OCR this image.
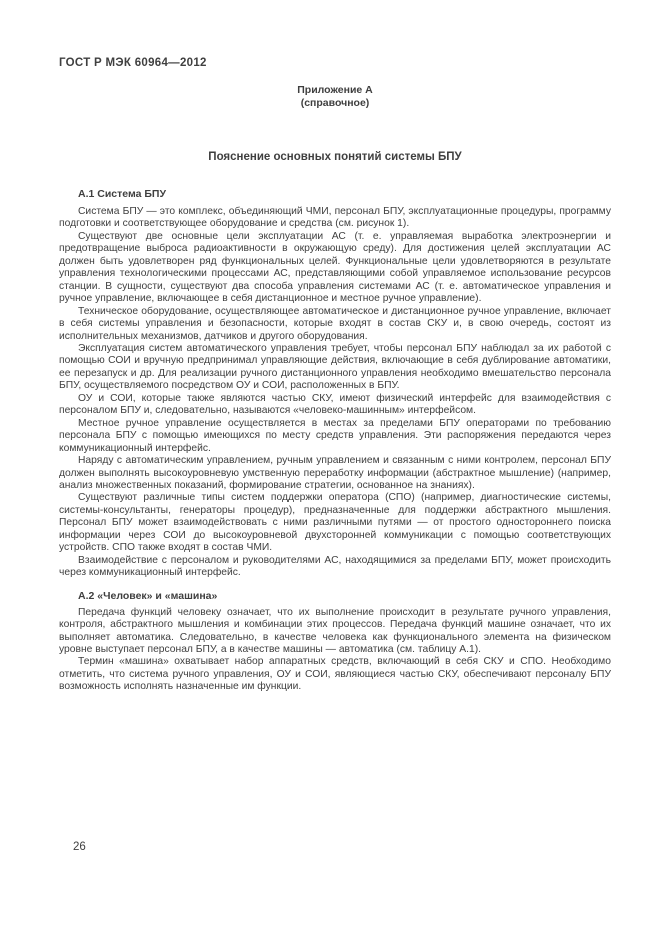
ГОСТ Р МЭК 60964—2012
Приложение А
(справочное)
Пояснение основных понятий системы БПУ
А.1 Система БПУ

Система БПУ — это комплекс, объединяющий ЧМИ, персонал БПУ, эксплуатационные процедуры, программу подготовки и соответствующее оборудование и средства (см. рисунок 1).

Существуют две основные цели эксплуатации АС (т. е. управляемая выработка электроэнергии и предотвращение выброса радиоактивности в окружающую среду). Для достижения целей эксплуатации АС должен быть удовлетворен ряд функциональных целей. Функциональные цели удовлетворяются в результате управления технологическими процессами АС, представляющими собой управляемое использование ресурсов станции. В сущности, существуют два способа управления системами АС (т. е. автоматическое управления и ручное управление, включающее в себя дистанционное и местное ручное управление).

Техническое оборудование, осуществляющее автоматическое и дистанционное ручное управление, включает в себя системы управления и безопасности, которые входят в состав СКУ и, в свою очередь, состоят из исполнительных механизмов, датчиков и другого оборудования.

Эксплуатация систем автоматического управления требует, чтобы персонал БПУ наблюдал за их работой с помощью СОИ и вручную предпринимал управляющие действия, включающие в себя дублирование автоматики, ее перезапуск и др. Для реализации ручного дистанционного управления необходимо вмешательство персонала БПУ, осуществляемого посредством ОУ и СОИ, расположенных в БПУ.

ОУ и СОИ, которые также являются частью СКУ, имеют физический интерфейс для взаимодействия с персоналом БПУ и, следовательно, называются «человеко-машинным» интерфейсом.

Местное ручное управление осуществляется в местах за пределами БПУ операторами по требованию персонала БПУ с помощью имеющихся по месту средств управления. Эти распоряжения передаются через коммуникационный интерфейс.

Наряду с автоматическим управлением, ручным управлением и связанным с ними контролем, персонал БПУ должен выполнять высокоуровневую умственную переработку информации (абстрактное мышление) (например, анализ множественных показаний, формирование стратегии, основанное на знаниях).

Существуют различные типы систем поддержки оператора (СПО) (например, диагностические системы, системы-консультанты, генераторы процедур), предназначенные для поддержки абстрактного мышления. Персонал БПУ может взаимодействовать с ними различными путями — от простого одностороннего поиска информации через СОИ до высокоуровневой двухсторонней коммуникации с помощью соответствующих устройств. СПО также входят в состав ЧМИ.

Взаимодействие с персоналом и руководителями АС, находящимися за пределами БПУ, может происходить через коммуникационный интерфейс.

А.2 «Человек» и «машина»

Передача функций человеку означает, что их выполнение происходит в результате ручного управления, контроля, абстрактного мышления и комбинации этих процессов. Передача функций машине означает, что их выполняет автоматика. Следовательно, в качестве человека как функционального элемента на физическом уровне выступает персонал БПУ, а в качестве машины — автоматика (см. таблицу А.1).

Термин «машина» охватывает набор аппаратных средств, включающий в себя СКУ и СПО. Необходимо отметить, что система ручного управления, ОУ и СОИ, являющиеся частью СКУ, обеспечивают персоналу БПУ возможность исполнять назначенные им функции.

26
